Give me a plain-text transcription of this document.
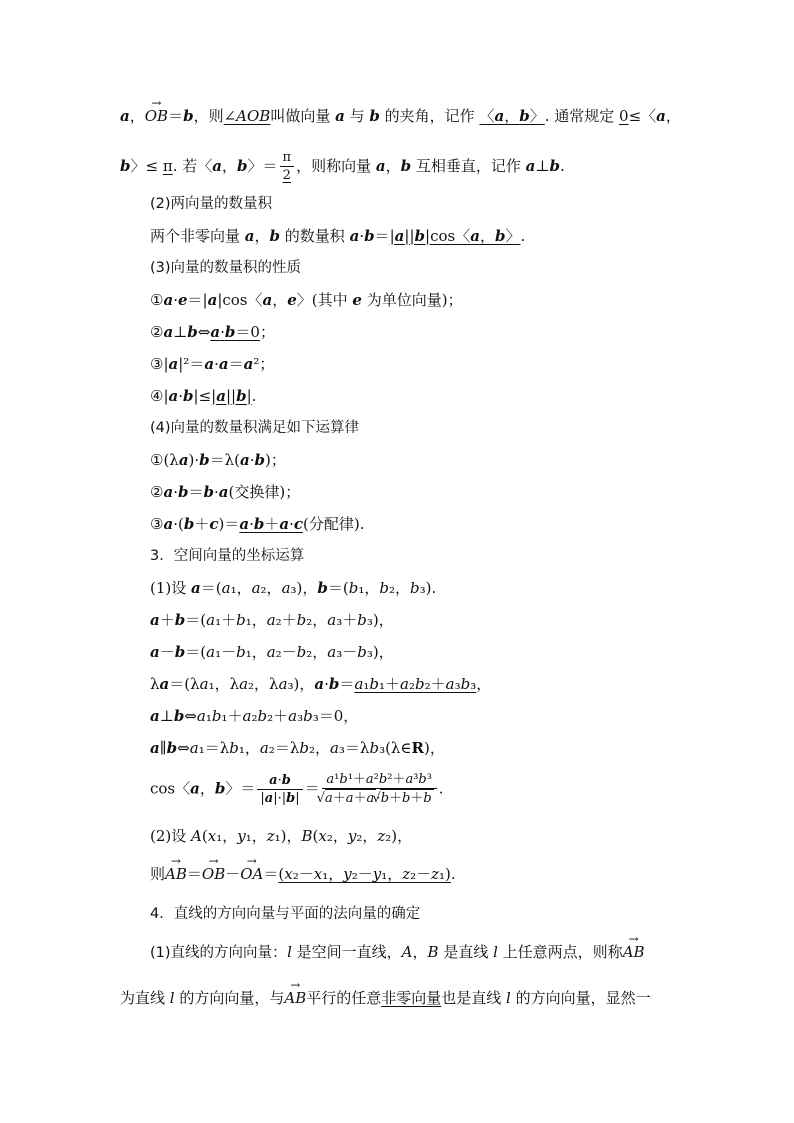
a，→ OB＝b，则∠AOB叫做向量 a 与 b 的夹角，记作 〈a，b〉. 通常规定 0≤〈a，
b〉≤ π. 若〈a，b〉＝ $\frac{\pi}{2}$ ，则称向量 a，b 互相垂直，记作 a⊥b.
(2)两向量的数量积
两个非零向量 a，b 的数量积 a·b＝|a||b|cos〈a，b〉.
(3)向量的数量积的性质
①a·e＝|a|cos〈a，e〉(其中 e 为单位向量)；
②a⊥b⇔a·b＝0；
③|a|²＝a·a＝a²；
④|a·b|≤|a||b|.
(4)向量的数量积满足如下运算律
①(λa)·b＝λ(a·b)；
②a·b＝b·a(交换律)；
③a·(b＋c)＝a·b＋a·c(分配律).
3．空间向量的坐标运算
(1)设 a＝(a₁，a₂，a₃)，b＝(b₁，b₂，b₃).
a＋b＝(a₁＋b₁，a₂＋b₂，a₃＋b₃)，
a－b＝(a₁－b₁，a₂－b₂，a₃－b₃)，
λa＝(λa₁，λa₂，λa₃)，a·b＝a₁b₁＋a₂b₂＋a₃b₃，
a⊥b⇔a₁b₁＋a₂b₂＋a₃b₃＝0，
a∥b⇔a₁＝λb₁，a₂＝λb₂，a₃＝λb₃(λ∈R)，
cos〈a，b〉＝ $\frac{a\cdot b}{|a|\cdot|b|} = a^1b^1+a^2b^2+a^3b^3$
√ a＋a＋a ·√ b＋b＋b .
(2)设 A(x₁，y₁，z₁)，B(x₂，y₂，z₂)，
则→ AB＝→ OB－→ OA＝(x₂－x₁，y₂－y₁，z₂－z₁).
4．直线的方向向量与平面的法向量的确定
(1)直线的方向向量：l 是空间一直线，A，B 是直线 l 上任意两点，则称→ AB
为直线 l 的方向向量，与→ AB平行的任意非零向量也是直线 l 的方向向量，显然一
